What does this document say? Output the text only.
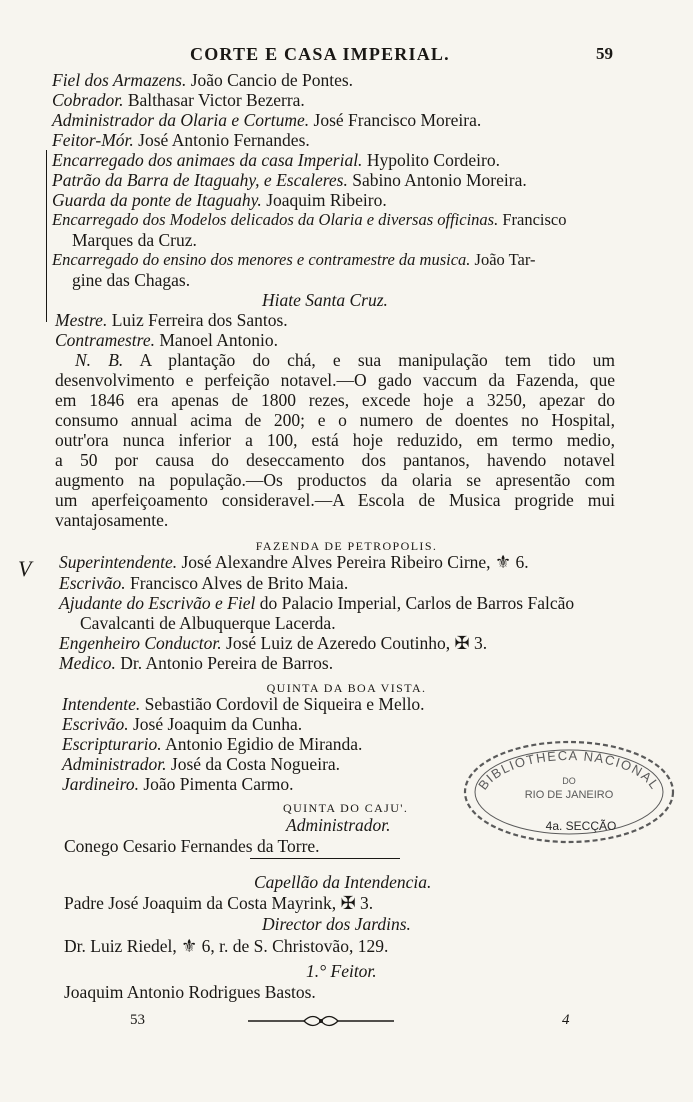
CORTE E CASA IMPERIAL.	59
Fiel dos Armazens. João Cancio de Pontes.
Cobrador. Balthasar Victor Bezerra.
Administrador da Olaria e Cortume. José Francisco Moreira.
Feitor-Mór. José Antonio Fernandes.
Encarregado dos animaes da casa Imperial. Hypolito Cordeiro.
Patrão da Barra de Itaguahy, e Escaleres. Sabino Antonio Moreira.
Guarda da ponte de Itaguahy. Joaquim Ribeiro.
Encarregado dos Modelos delicados da Olaria e diversas officinas. Francisco
Marques da Cruz.
Encarregado do ensino dos menores e contramestre da musica. João Tar-
gine das Chagas.
Hiate Santa Cruz.
Mestre. Luiz Ferreira dos Santos.
Contramestre. Manoel Antonio.
N. B. A plantação do chá, e sua manipulação tem tido um
desenvolvimento e perfeição notavel.—O gado vaccum da Fazenda, que
em 1846 era apenas de 1800 rezes, excede hoje a 3250, apezar do
consumo annual acima de 200; e o numero de doentes no Hospital,
outr'ora nunca inferior a 100, está hoje reduzido, em termo medio,
a 50 por causa do deseccamento dos pantanos, havendo notavel
augmento na população.—Os productos da olaria se apresentão com
um aperfeiçoamento consideravel.—A Escola de Musica progride mui
vantajosamente.
FAZENDA DE PETROPOLIS.
Superintendente. José Alexandre Alves Pereira Ribeiro Cirne, ⚜ 6.
Escrivão. Francisco Alves de Brito Maia.
Ajudante do Escrivão e Fiel do Palacio Imperial, Carlos de Barros Falcão
Cavalcanti de Albuquerque Lacerda.
Engenheiro Conductor. José Luiz de Azeredo Coutinho, ✠ 3.
Medico. Dr. Antonio Pereira de Barros.
QUINTA DA BOA VISTA.
Intendente. Sebastião Cordovil de Siqueira e Mello.
Escrivão. José Joaquim da Cunha.
Escripturario. Antonio Egidio de Miranda.
Administrador. José da Costa Nogueira.
Jardineiro. João Pimenta Carmo.
QUINTA DO CAJU'.
Administrador.
Conego Cesario Fernandes da Torre.
Capellão da Intendencia.
Padre José Joaquim da Costa Mayrink, ✠ 3.
Director dos Jardins.
Dr. Luiz Riedel, ⚜ 6, r. de S. Christovão, 129.
1.° Feitor.
Joaquim Antonio Rodrigues Bastos.
53	4
V
BIBLIOTHECA NACIONAL
DO
RIO DE JANEIRO
4a. SECÇÃO
